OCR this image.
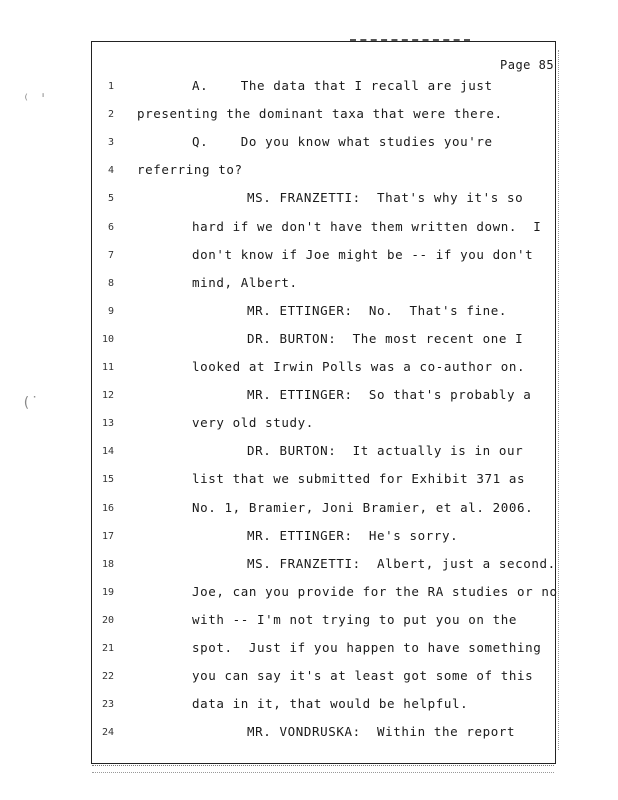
⁽ ˈ
(˙
Page 85
1	A.    The data that I recall are just
2 presenting the dominant taxa that were there.
3	Q.    Do you know what studies you're
4 referring to?
5	MS. FRANZETTI:  That's why it's so
6	hard if we don't have them written down.  I
7	don't know if Joe might be -- if you don't
8	mind, Albert.
9	MR. ETTINGER:  No.  That's fine.
10	DR. BURTON:  The most recent one I
11	looked at Irwin Polls was a co-author on.
12	MR. ETTINGER:  So that's probably a
13	very old study.
14	DR. BURTON:  It actually is in our
15	list that we submitted for Exhibit 371 as
16	No. 1, Bramier, Joni Bramier, et al. 2006.
17	MR. ETTINGER:  He's sorry.
18	MS. FRANZETTI:  Albert, just a second.
19	Joe, can you provide for the RA studies or no
20	with -- I'm not trying to put you on the
21	spot.  Just if you happen to have something
22	you can say it's at least got some of this
23	data in it, that would be helpful.
24	MR. VONDRUSKA:  Within the report
